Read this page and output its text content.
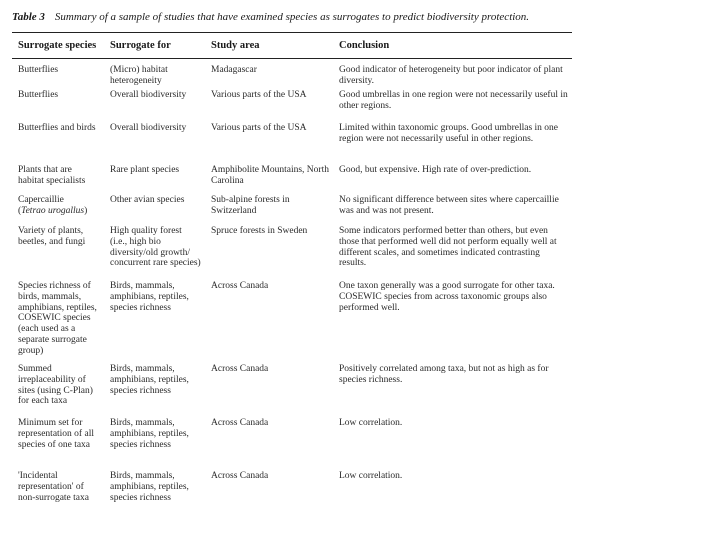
Table 3 Summary of a sample of studies that have examined species as surrogates to predict biodiversity protection.
Surrogate species	Surrogate for	Study area	Conclusion

Butterflies	(Micro) habitat heterogeneity	Madagascar	Good indicator of heterogeneity but poor indicator of plant diversity.
Butterflies	Overall biodiversity	Various parts of the USA	Good umbrellas in one region were not necessarily useful in other regions.
Butterflies and birds	Overall biodiversity	Various parts of the USA	Limited within taxonomic groups. Good umbrellas in one region were not necessarily useful in other regions.
Plants that are habitat specialists	Rare plant species	Amphibolite Mountains, North Carolina	Good, but expensive. High rate of over-prediction.

Capercaillie
(Tetrao urogallus)	Other avian species	Sub-alpine forests in Switzerland	No significant difference between sites where capercaillie was and was not present.
Variety of plants, beetles, and fungi	High quality forest (i.e., high bio diversity/old growth/ concurrent rare species)	Spruce forests in Sweden	Some indicators performed better than others, but even those that performed well did not perform equally well at different scales, and sometimes indicated contrasting results.
Species richness of birds, mammals, amphibians, reptiles, COSEWIC species (each used as a separate surrogate group)	Birds, mammals, amphibians, reptiles, species richness	Across Canada	One taxon generally was a good surrogate for other taxa. COSEWIC species from across taxonomic groups also performed well.
Summed irreplaceability of sites (using C-Plan) for each taxa	Birds, mammals, amphibians, reptiles, species richness	Across Canada	Positively correlated among taxa, but not as high as for species richness.
Minimum set for representation of all species of one taxa	Birds, mammals, amphibians, reptiles, species richness	Across Canada	Low correlation.
'Incidental representation' of non-surrogate taxa	Birds, mammals, amphibians, reptiles, species richness	Across Canada	Low correlation.
